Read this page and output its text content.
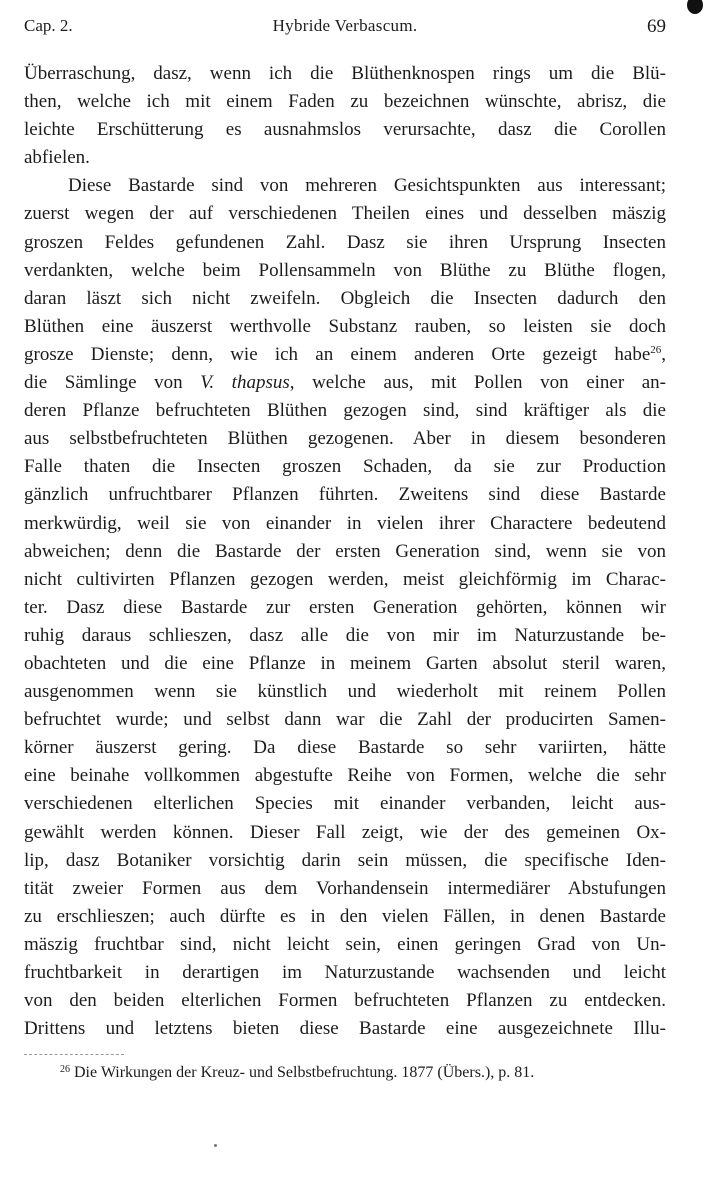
Cap. 2.	Hybride Verbascum.	69
Überraschung, dasz, wenn ich die Blüthenknospen rings um die Blü-
then, welche ich mit einem Faden zu bezeichnen wünschte, abrisz, die
leichte Erschütterung es ausnahmslos verursachte, dasz die Corollen
abfielen.
Diese Bastarde sind von mehreren Gesichtspunkten aus interessant;
zuerst wegen der auf verschiedenen Theilen eines und desselben mäszig
groszen Feldes gefundenen Zahl. Dasz sie ihren Ursprung Insecten
verdankten, welche beim Pollensammeln von Blüthe zu Blüthe flogen,
daran läszt sich nicht zweifeln. Obgleich die Insecten dadurch den
Blüthen eine äuszerst werthvolle Substanz rauben, so leisten sie doch
grosze Dienste; denn, wie ich an einem anderen Orte gezeigt habe$^{26}$,
die Sämlinge von V. thapsus, welche aus, mit Pollen von einer an-
deren Pflanze befruchteten Blüthen gezogen sind, sind kräftiger als die
aus selbstbefruchteten Blüthen gezogenen. Aber in diesem besonderen
Falle thaten die Insecten groszen Schaden, da sie zur Production
gänzlich unfruchtbarer Pflanzen führten. Zweitens sind diese Bastarde
merkwürdig, weil sie von einander in vielen ihrer Charactere bedeutend
abweichen; denn die Bastarde der ersten Generation sind, wenn sie von
nicht cultivirten Pflanzen gezogen werden, meist gleichförmig im Charac-
ter. Dasz diese Bastarde zur ersten Generation gehörten, können wir
ruhig daraus schlieszen, dasz alle die von mir im Naturzustande be-
obachteten und die eine Pflanze in meinem Garten absolut steril waren,
ausgenommen wenn sie künstlich und wiederholt mit reinem Pollen
befruchtet wurde; und selbst dann war die Zahl der producirten Samen-
körner äuszerst gering. Da diese Bastarde so sehr variirten, hätte
eine beinahe vollkommen abgestufte Reihe von Formen, welche die sehr
verschiedenen elterlichen Species mit einander verbanden, leicht aus-
gewählt werden können. Dieser Fall zeigt, wie der des gemeinen Ox-
lip, dasz Botaniker vorsichtig darin sein müssen, die specifische Iden-
tität zweier Formen aus dem Vorhandensein intermediärer Abstufungen
zu erschlieszen; auch dürfte es in den vielen Fällen, in denen Bastarde
mäszig fruchtbar sind, nicht leicht sein, einen geringen Grad von Un-
fruchtbarkeit in derartigen im Naturzustande wachsenden und leicht
von den beiden elterlichen Formen befruchteten Pflanzen zu entdecken.
Drittens und letztens bieten diese Bastarde eine ausgezeichnete Illu-
$^{26}$ Die Wirkungen der Kreuz- und Selbstbefruchtung. 1877 (Übers.), p. 81.
